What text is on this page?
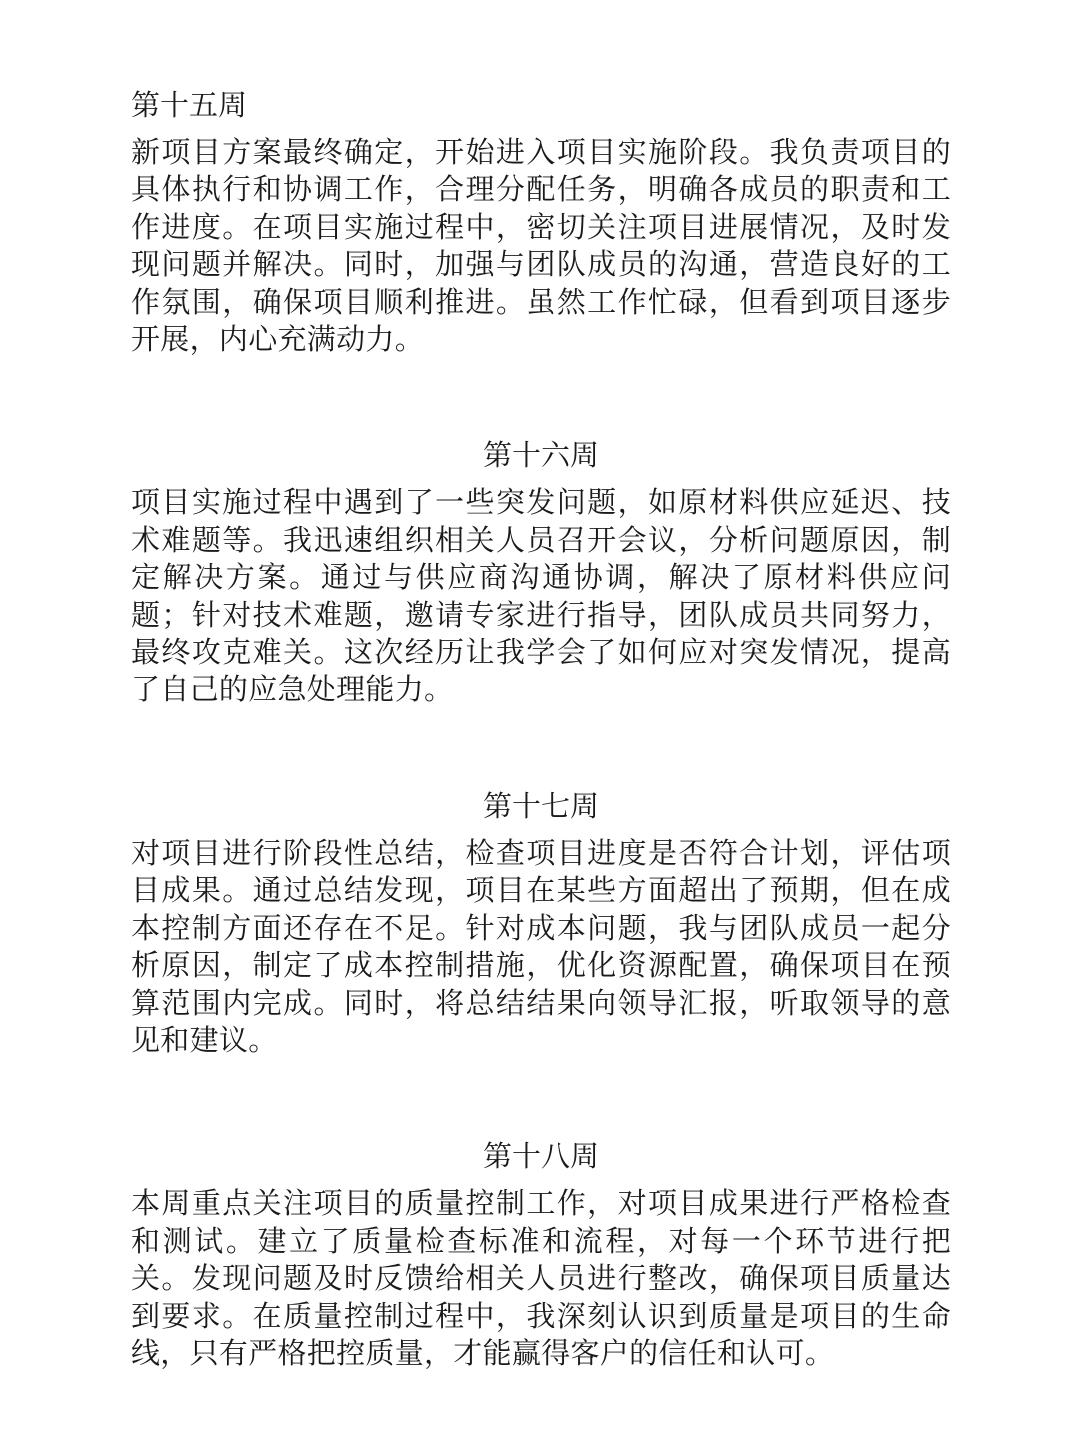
第十五周

新项目方案最终确定，开始进入项目实施阶段。我负责项目的具体执行和协调工作，合理分配任务，明确各成员的职责和工作进度。在项目实施过程中，密切关注项目进展情况，及时发现问题并解决。同时，加强与团队成员的沟通，营造良好的工作氛围，确保项目顺利推进。虽然工作忙碌，但看到项目逐步开展，内心充满动力。

第十六周

项目实施过程中遇到了一些突发问题，如原材料供应延迟、技术难题等。我迅速组织相关人员召开会议，分析问题原因，制定解决方案。通过与供应商沟通协调，解决了原材料供应问题；针对技术难题，邀请专家进行指导，团队成员共同努力，最终攻克难关。这次经历让我学会了如何应对突发情况，提高了自己的应急处理能力。

第十七周

对项目进行阶段性总结，检查项目进度是否符合计划，评估项目成果。通过总结发现，项目在某些方面超出了预期，但在成本控制方面还存在不足。针对成本问题，我与团队成员一起分析原因，制定了成本控制措施，优化资源配置，确保项目在预算范围内完成。同时，将总结结果向领导汇报，听取领导的意见和建议。

第十八周

本周重点关注项目的质量控制工作，对项目成果进行严格检查和测试。建立了质量检查标准和流程，对每一个环节进行把关。发现问题及时反馈给相关人员进行整改，确保项目质量达到要求。在质量控制过程中，我深刻认识到质量是项目的生命线，只有严格把控质量，才能赢得客户的信任和认可。
